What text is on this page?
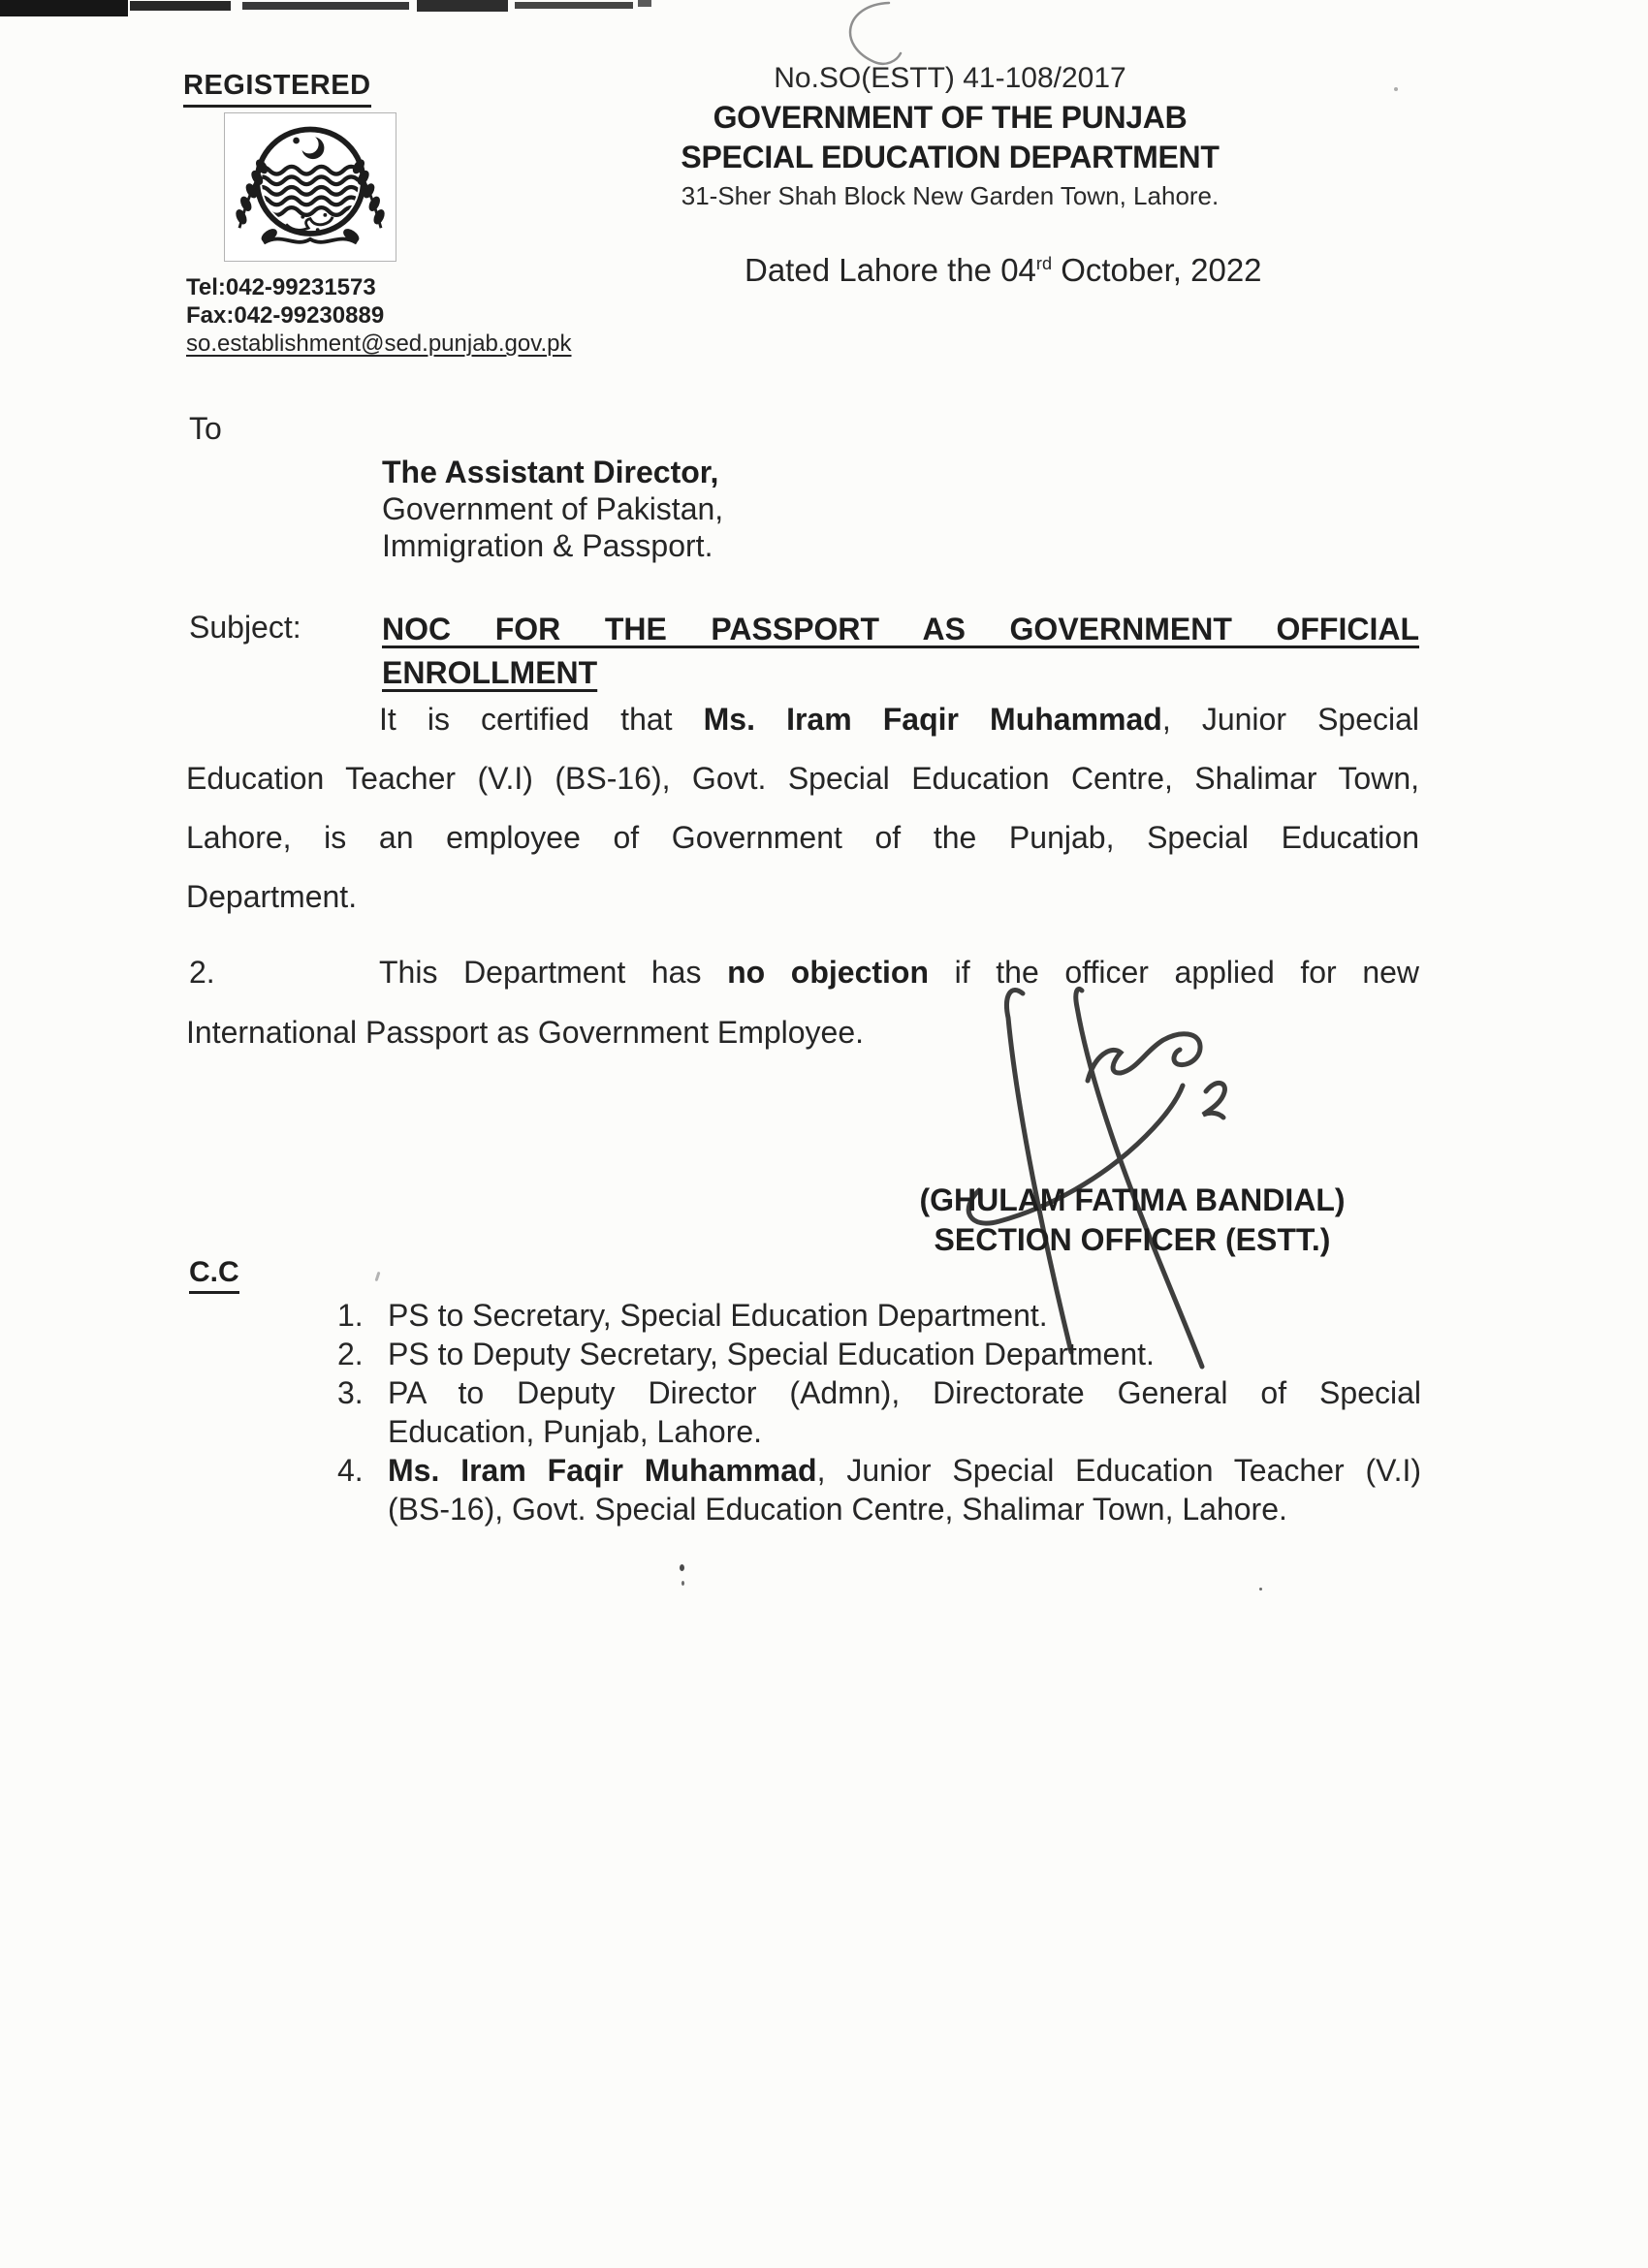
REGISTERED
Tel:042-99231573
Fax:042-99230889
so.establishment@sed.punjab.gov.pk
No.SO(ESTT) 41-108/2017
GOVERNMENT OF THE PUNJAB
SPECIAL EDUCATION DEPARTMENT
31-Sher Shah Block New Garden Town, Lahore.
Dated Lahore the 04rd October, 2022
To
The Assistant Director,
Government of Pakistan,
Immigration & Passport.
Subject:	NOC FOR THE PASSPORT AS GOVERNMENT OFFICIAL
ENROLLMENT
It is certified that Ms. Iram Faqir Muhammad, Junior Special
Education Teacher (V.I) (BS-16), Govt. Special Education Centre, Shalimar Town,
Lahore, is an employee of Government of the Punjab, Special Education
Department.
2.	This Department has no objection if the officer applied for new
International Passport as Government Employee.
(GHULAM FATIMA BANDIAL)
SECTION OFFICER (ESTT.)
C.C
1. PS to Secretary, Special Education Department.
2. PS to Deputy Secretary, Special Education Department.
3. PA to Deputy Director (Admn), Directorate General of Special
Education, Punjab, Lahore.
4. Ms. Iram Faqir Muhammad, Junior Special Education Teacher (V.I)
(BS-16), Govt. Special Education Centre, Shalimar Town, Lahore.
